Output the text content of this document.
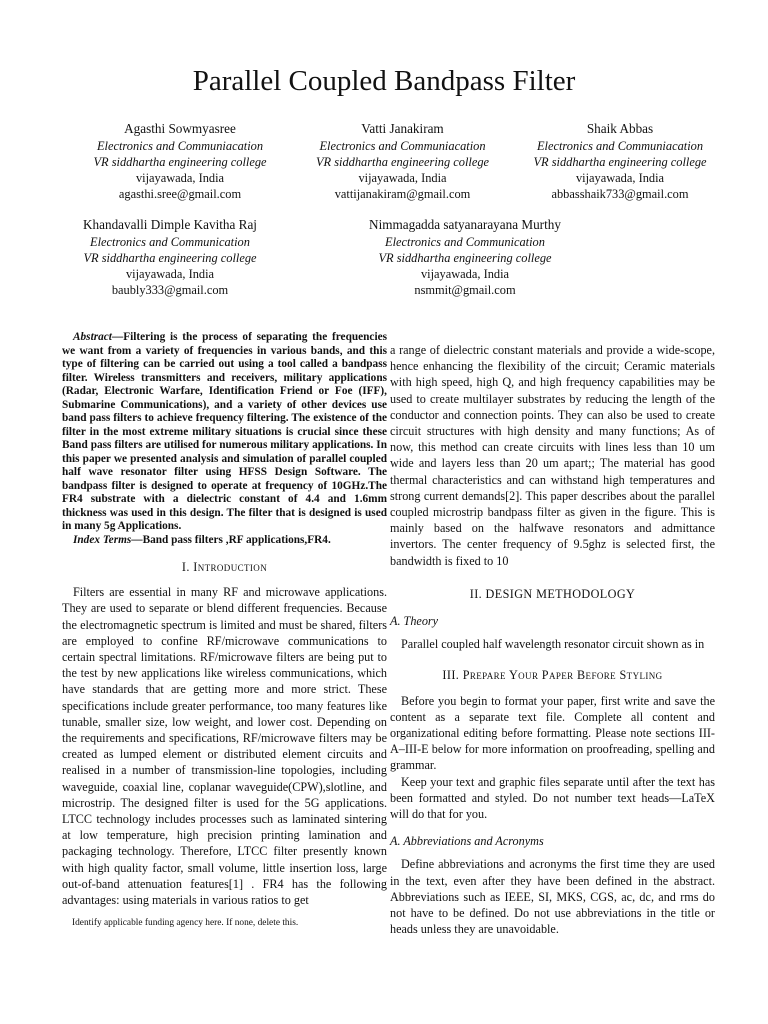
Parallel Coupled Bandpass Filter
Agasthi Sowmyasree
Electronics and Communiacation
VR siddhartha engineering college
vijayawada, India
agasthi.sree@gmail.com
Vatti Janakiram
Electronics and Communiacation
VR siddhartha engineering college
vijayawada, India
vattijanakiram@gmail.com
Shaik Abbas
Electronics and Communiacation
VR siddhartha engineering college
vijayawada, India
abbasshaik733@gmail.com
Khandavalli Dimple Kavitha Raj
Electronics and Communication
VR siddhartha engineering college
vijayawada, India
baubly333@gmail.com
Nimmagadda satyanarayana Murthy
Electronics and Communication
VR siddhartha engineering college
vijayawada, India
nsmmit@gmail.com

Abstract—Filtering is the process of separating the frequencies we want from a variety of frequencies in various bands, and this type of filtering can be carried out using a tool called a bandpass filter. Wireless transmitters and receivers, military applications (Radar, Electronic Warfare, Identification Friend or Foe (IFF), Submarine Communications), and a variety of other devices use band pass filters to achieve frequency filtering. The existence of the filter in the most extreme military situations is crucial since these Band pass filters are utilised for numerous military applications. In this paper we presented analysis and simulation of parallel coupled half wave resonator filter using HFSS Design Software. The bandpass filter is designed to operate at frequency of 10GHz.The FR4 substrate with a dielectric constant of 4.4 and 1.6mm thickness was used in this design. The filter that is designed is used in many 5g Applications.

Index Terms—Band pass filters ,RF applications,FR4.

I. Introduction

Filters are essential in many RF and microwave applications. They are used to separate or blend different frequencies. Because the electromagnetic spectrum is limited and must be shared, filters are employed to confine RF/microwave communications to certain spectral limitations. RF/microwave filters are being put to the test by new applications like wireless communications, which have standards that are getting more and more strict. These specifications include greater performance, too many features like tunable, smaller size, low weight, and lower cost. Depending on the requirements and specifications, RF/microwave filters may be created as lumped element or distributed element circuits and realised in a number of transmission-line topologies, including waveguide, coaxial line, coplanar waveguide(CPW),slotline, and microstrip. The designed filter is used for the 5G applications. LTCC technology includes processes such as laminated sintering at low temperature, high precision printing lamination and packaging technology. Therefore, LTCC filter presently known with high quality factor, small volume, little insertion loss, large out-of-band attenuation features[1] . FR4 has the following advantages: using materials in various ratios to get

a range of dielectric constant materials and provide a wide-scope, hence enhancing the flexibility of the circuit; Ceramic materials with high speed, high Q, and high frequency capabilities may be used to create multilayer substrates by reducing the length of the conductor and connection points. They can also be used to create circuit structures with high density and many functions; As of now, this method can create circuits with lines less than 10 um wide and layers less than 20 um apart;; The material has good thermal characteristics and can withstand high temperatures and strong current demands[2]. This paper describes about the parallel coupled microstrip bandpass filter as given in the figure. This is mainly based on the halfwave resonators and admittance invertors. The center frequency of 9.5ghz is selected first, the bandwidth is fixed to 10

II. DESIGN METHODOLOGY
A. Theory

Parallel coupled half wavelength resonator circuit shown as in

III. Prepare Your Paper Before Styling

Before you begin to format your paper, first write and save the content as a separate text file. Complete all content and organizational editing before formatting. Please note sections III-A–III-E below for more information on proofreading, spelling and grammar.

Keep your text and graphic files separate until after the text has been formatted and styled. Do not number text heads—LaTeX will do that for you.

A. Abbreviations and Acronyms

Define abbreviations and acronyms the first time they are used in the text, even after they have been defined in the abstract. Abbreviations such as IEEE, SI, MKS, CGS, ac, dc, and rms do not have to be defined. Do not use abbreviations in the title or heads unless they are unavoidable.

Identify applicable funding agency here. If none, delete this.
